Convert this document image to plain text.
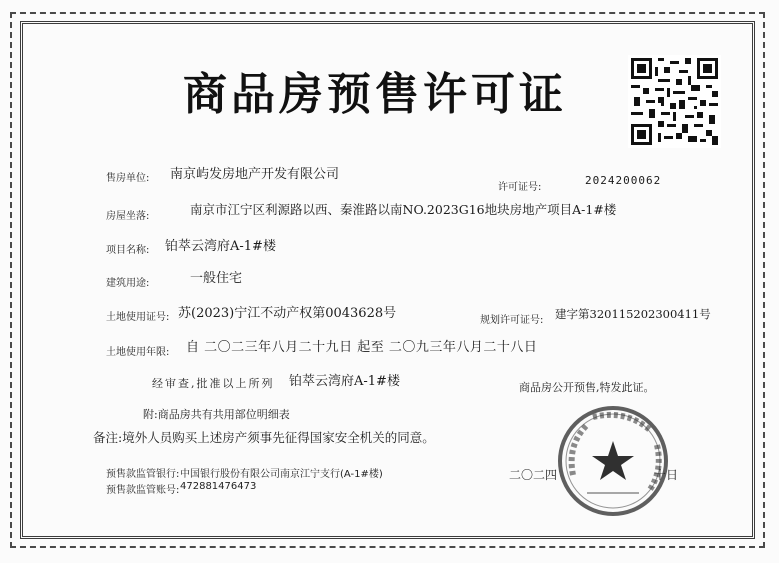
商品房预售许可证
售房单位: 南京屿发房地产开发有限公司
许可证号:
2024200062
房屋坐落:	南京市江宁区利源路以西、秦淮路以南NO.2023G16地块房地产项目A-1#楼
项目名称: 铂萃云湾府A-1#楼
建筑用途:	一般住宅
土地使用证号: 苏(2023)宁江不动产权第0043628号	规划许可证号: 建字第320115202300411号
土地使用年限: 自 二〇二三年八月二十九日 起至 二〇九三年八月二十八日
经审查,批准以上所列 铂萃云湾府A-1#楼	商品房公开预售,特发此证。
附:商品房共有共用部位明细表
备注:境外人员购买上述房产须事先征得国家安全机关的同意。
预售款监管银行: 中国银行股份有限公司南京江宁支行(A-1#楼)
预售款监管账号: 472881476473
二〇二四	十日
